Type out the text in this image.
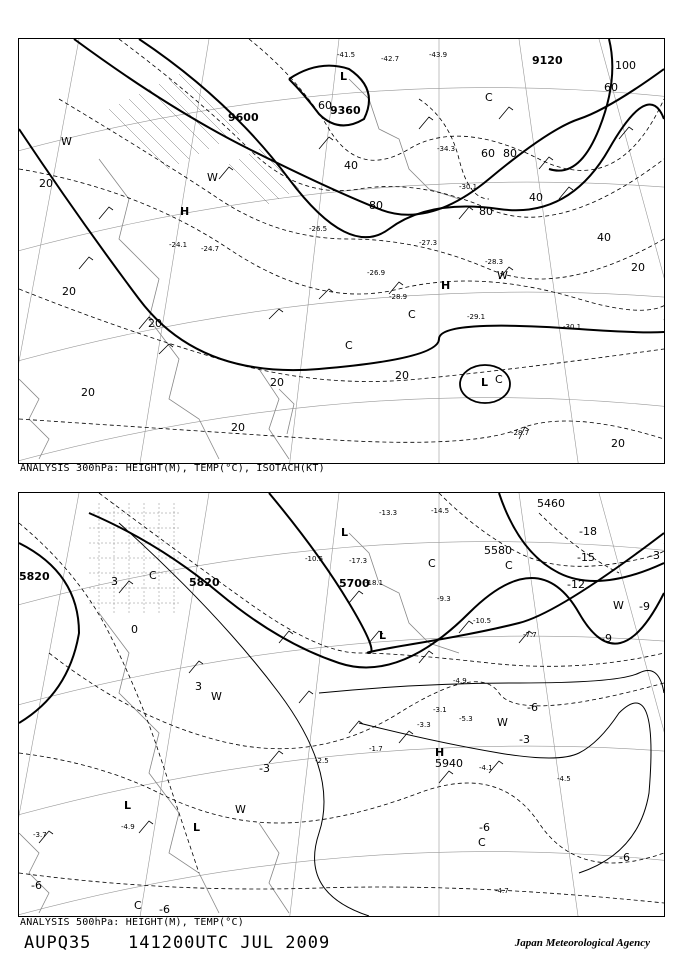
9600
9360
9120
H
L
H
L
W
W
C
C
C
W
C
20
20
20
20
20
20
20
40
60
80
60
40
60
80
100
80
40
20
20
-43.9
-41.5	-42.7
-34.3
-30.1
-24.1 -24.7
-26.9
-28.9
-29.1
-30.1
-28.3
-28.7
-27.3
-26.5
ANALYSIS 300hPa: HEIGHT(M), TEMP(°C), ISOTACH(KT)
5820	5820	5700
5580
5460
5940
L
L
H
L
L
C	C
C
W
W
W
W
C
C
3
0
-3
-6
-9
-12
-15
-18
-9
-6
3
-6
-6
-3
-6
-3
-14.5
-13.3
-18.1
-17.3
-10.5
-9.3
-7.7
-4.9
-3.1
-5.3
-4.1
-4.5
-4.7
-1.7
-2.5
-3.7
-4.9
-10.5
-3.3
ANALYSIS 500hPa: HEIGHT(M), TEMP(°C)
AUPQ35 141200UTC JUL 2009	Japan Meteorological Agency
